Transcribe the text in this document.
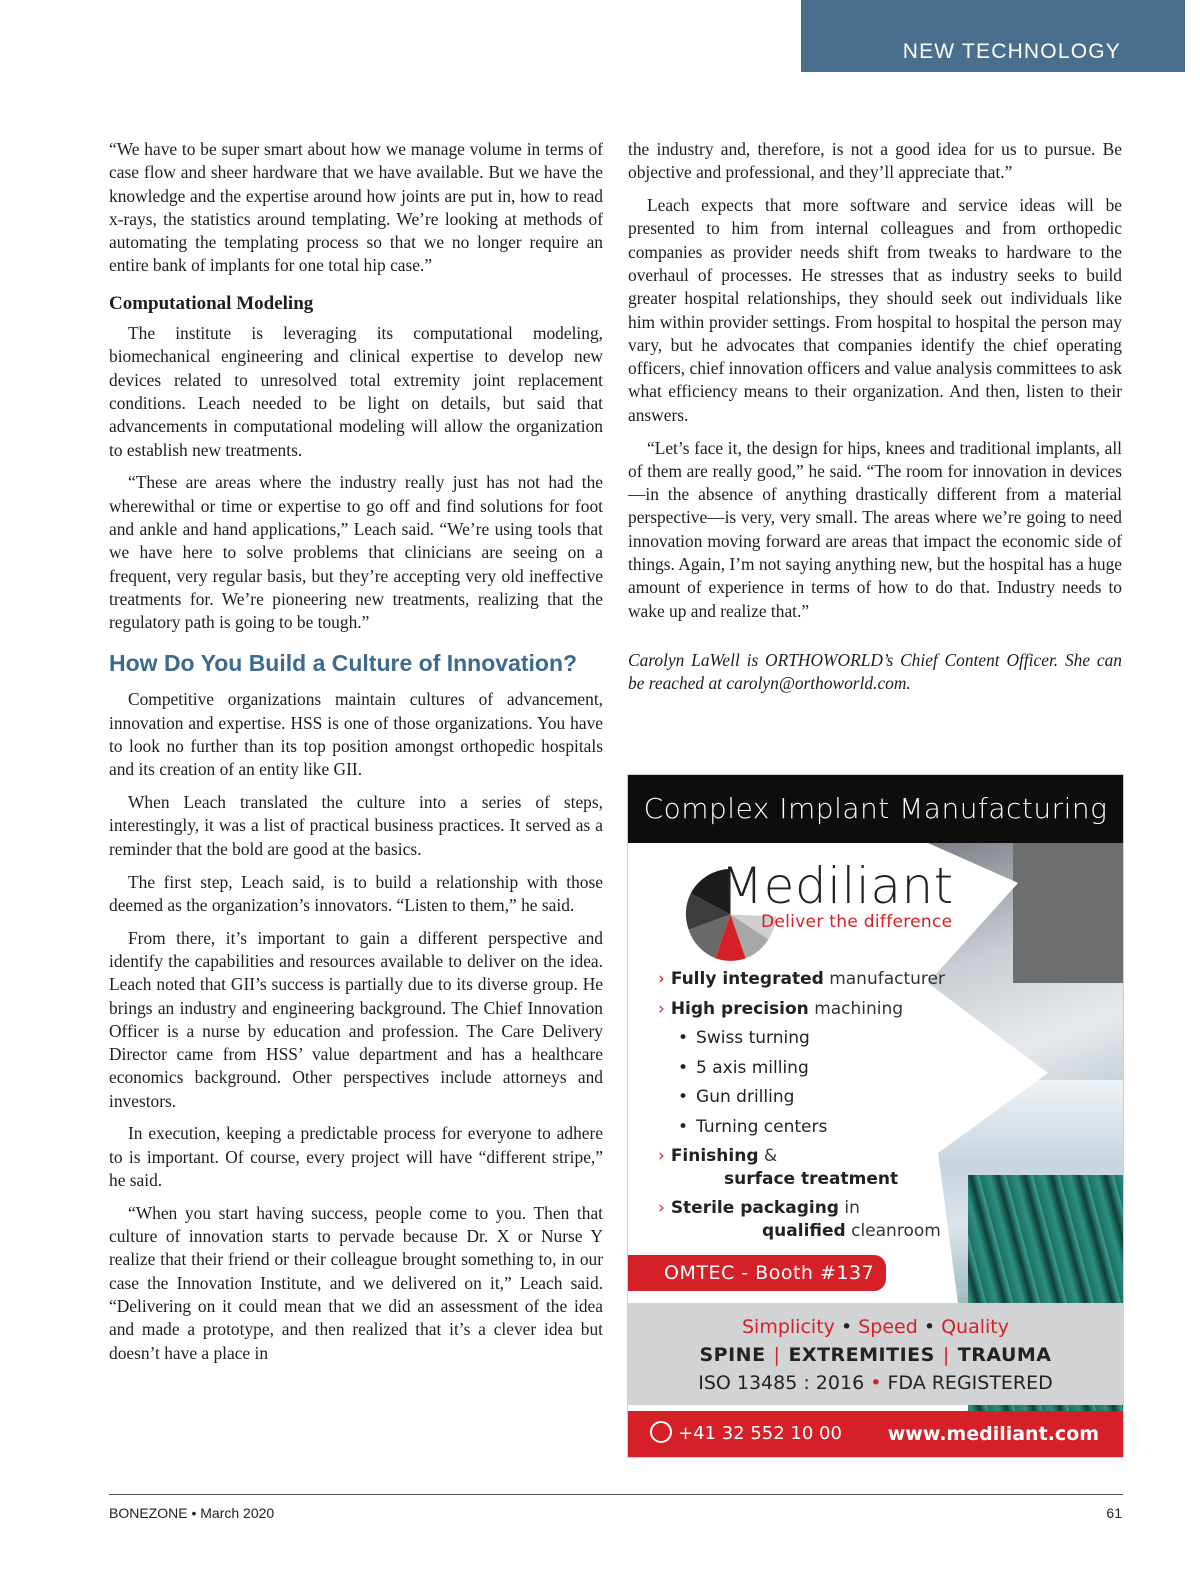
NEW TECHNOLOGY

“We have to be super smart about how we manage volume in terms of case flow and sheer hardware that we have available. But we have the knowledge and the expertise around how joints are put in, how to read x-rays, the statistics around templating. We’re looking at methods of automating the templating process so that we no longer require an entire bank of implants for one total hip case.”

Computational Modeling

The institute is leveraging its computational modeling, biomechanical engineering and clinical expertise to develop new devices related to unresolved total extremity joint replacement conditions. Leach needed to be light on details, but said that advancements in computational modeling will allow the organization to establish new treatments.

“These are areas where the industry really just has not had the wherewithal or time or expertise to go off and find solutions for foot and ankle and hand applications,” Leach said. “We’re using tools that we have here to solve problems that clinicians are seeing on a frequent, very regular basis, but they’re accepting very old ineffective treatments for. We’re pioneering new treatments, realizing that the regulatory path is going to be tough.”

How Do You Build a Culture of Innovation?

Competitive organizations maintain cultures of advancement, innovation and expertise. HSS is one of those organizations. You have to look no further than its top position amongst orthopedic hospitals and its creation of an entity like GII.

When Leach translated the culture into a series of steps, interestingly, it was a list of practical business practices. It served as a reminder that the bold are good at the basics.

The first step, Leach said, is to build a relationship with those deemed as the organization’s innovators. “Listen to them,” he said.

From there, it’s important to gain a different perspective and identify the capabilities and resources available to deliver on the idea. Leach noted that GII’s success is partially due to its diverse group. He brings an industry and engineering background. The Chief Innovation Officer is a nurse by education and profession. The Care Delivery Director came from HSS’ value department and has a healthcare economics background. Other perspectives include attorneys and investors.

In execution, keeping a predictable process for everyone to adhere to is important. Of course, every project will have “different stripe,” he said.

“When you start having success, people come to you. Then that culture of innovation starts to pervade because Dr. X or Nurse Y realize that their friend or their colleague brought something to, in our case the Innovation Institute, and we delivered on it,” Leach said. “Delivering on it could mean that we did an assessment of the idea and made a prototype, and then realized that it’s a clever idea but doesn’t have a place in

the industry and, therefore, is not a good idea for us to pursue. Be objective and professional, and they’ll appreciate that.”

Leach expects that more software and service ideas will be presented to him from internal colleagues and from orthopedic companies as provider needs shift from tweaks to hardware to the overhaul of processes. He stresses that as industry seeks to build greater hospital relationships, they should seek out individuals like him within provider settings. From hospital to hospital the person may vary, but he advocates that companies identify the chief operating officers, chief innovation officers and value analysis committees to ask what efficiency means to their organization. And then, listen to their answers.

“Let’s face it, the design for hips, knees and traditional implants, all of them are really good,” he said. “The room for innovation in devices—in the absence of anything drastically different from a material perspective—is very, very small. The areas where we’re going to need innovation moving forward are areas that impact the economic side of things. Again, I’m not saying anything new, but the hospital has a huge amount of experience in terms of how to do that. Industry needs to wake up and realize that.”

Carolyn LaWell is ORTHOWORLD’s Chief Content Officer. She can be reached at carolyn@orthoworld.com.

Complex Implant Manufacturing
Mediliant
Deliver the difference
› Fully integrated manufacturer
› High precision machining
• Swiss turning
• 5 axis milling
• Gun drilling
• Turning centers
› Finishing &
surface treatment
› Sterile packaging in
qualified cleanroom
OMTEC - Booth #137
Simplicity • Speed • Quality
SPINE | EXTREMITIES | TRAUMA
ISO 13485 : 2016 • FDA REGISTERED
+41 32 552 10 00 www.mediliant.com
BONEZONE • March 2020	61
